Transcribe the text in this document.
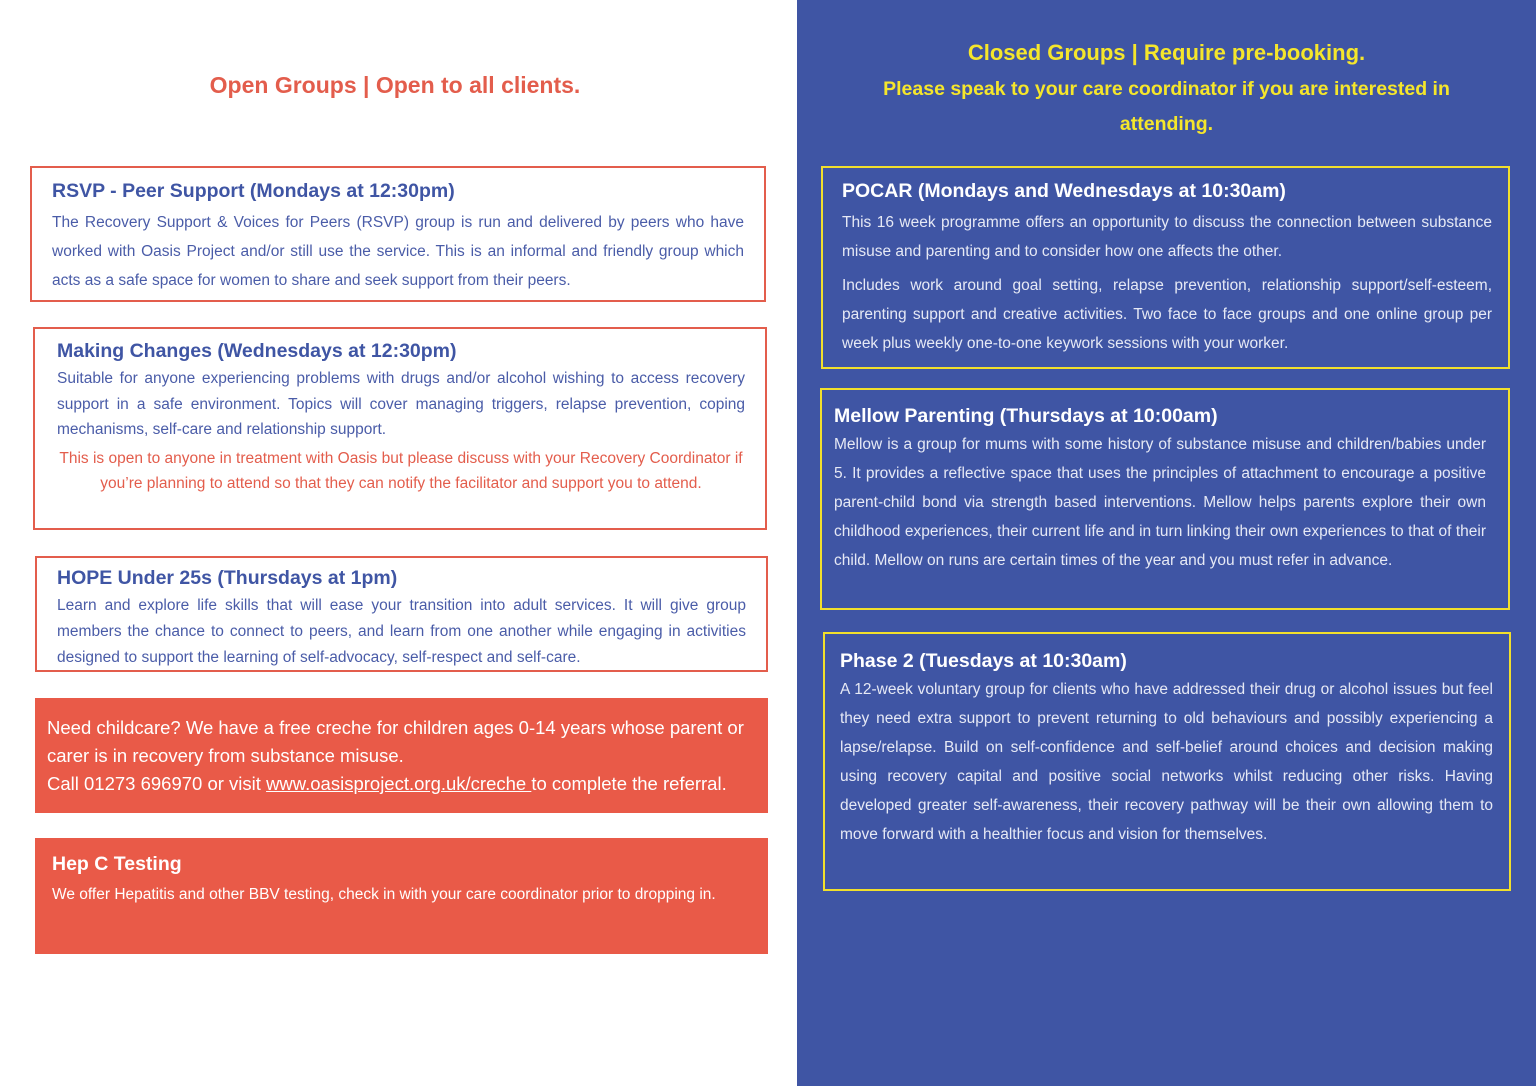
Open Groups | Open to all clients.
RSVP - Peer Support (Mondays at 12:30pm)

The Recovery Support & Voices for Peers (RSVP) group is run and delivered by peers who have worked with Oasis Project and/or still use the service. This is an informal and friendly group which acts as a safe space for women to share and seek support from their peers.

Making Changes (Wednesdays at 12:30pm)

Suitable for anyone experiencing problems with drugs and/or alcohol wishing to access recovery support in a safe environment. Topics will cover managing triggers, relapse prevention, coping mechanisms, self-care and relationship support.

This is open to anyone in treatment with Oasis but please discuss with your Recovery Coordinator if you’re planning to attend so that they can notify the facilitator and support you to attend.

HOPE Under 25s (Thursdays at 1pm)

Learn and explore life skills that will ease your transition into adult services. It will give group members the chance to connect to peers, and learn from one another while engaging in activities designed to support the learning of self-advocacy, self-respect and self-care.

Need childcare? We have a free creche for children ages 0-14 years whose parent or carer is in recovery from substance misuse.

Call 01273 696970 or visit www.oasisproject.org.uk/creche to complete the referral.

Hep C Testing

We offer Hepatitis and other BBV testing, check in with your care coordinator prior to dropping in.

Closed Groups | Require pre-booking.
Please speak to your care coordinator if you are interested in attending.
POCAR (Mondays and Wednesdays at 10:30am)

This 16 week programme offers an opportunity to discuss the connection between substance misuse and parenting and to consider how one affects the other.

Includes work around goal setting, relapse prevention, relationship support/self-esteem, parenting support and creative activities. Two face to face groups and one online group per week plus weekly one-to-one keywork sessions with your worker.

Mellow Parenting (Thursdays at 10:00am)

Mellow is a group for mums with some history of substance misuse and children/babies under 5. It provides a reflective space that uses the principles of attachment to encourage a positive parent-child bond via strength based interventions. Mellow helps parents explore their own childhood experiences, their current life and in turn linking their own experiences to that of their child. Mellow on runs are certain times of the year and you must refer in advance.

Phase 2 (Tuesdays at 10:30am)

A 12-week voluntary group for clients who have addressed their drug or alcohol issues but feel they need extra support to prevent returning to old behaviours and possibly experiencing a lapse/relapse. Build on self-confidence and self-belief around choices and decision making using recovery capital and positive social networks whilst reducing other risks. Having developed greater self-awareness, their recovery pathway will be their own allowing them to move forward with a healthier focus and vision for themselves.
